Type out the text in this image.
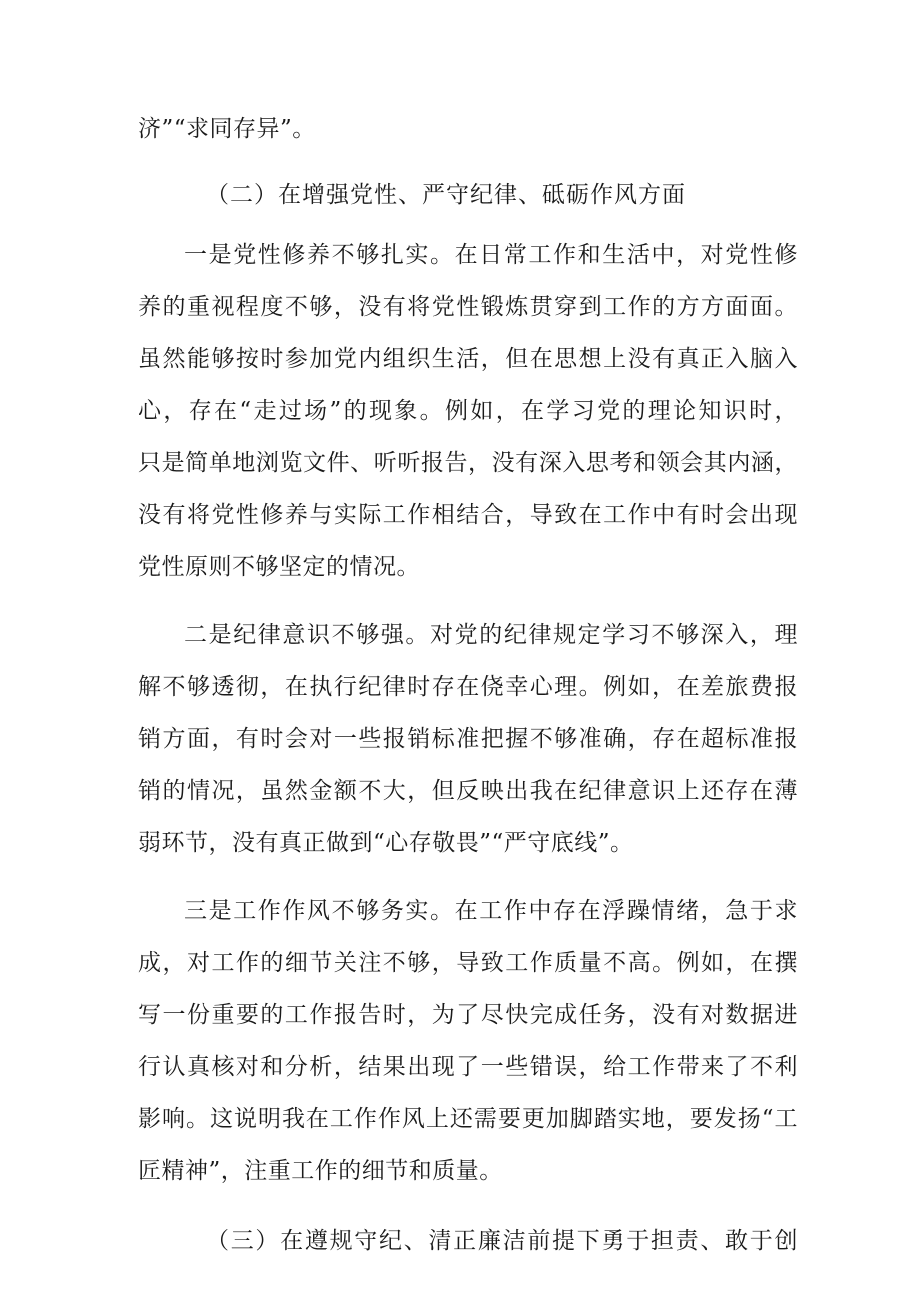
济”“求同存异”。
（二）在增强党性、严守纪律、砥砺作风方面
一是党性修养不够扎实。在日常工作和生活中，对党性修
养的重视程度不够，没有将党性锻炼贯穿到工作的方方面面。
虽然能够按时参加党内组织生活，但在思想上没有真正入脑入
心，存在“走过场”的现象。例如，在学习党的理论知识时，
只是简单地浏览文件、听听报告，没有深入思考和领会其内涵，
没有将党性修养与实际工作相结合，导致在工作中有时会出现
党性原则不够坚定的情况。
二是纪律意识不够强。对党的纪律规定学习不够深入，理
解不够透彻，在执行纪律时存在侥幸心理。例如，在差旅费报
销方面，有时会对一些报销标准把握不够准确，存在超标准报
销的情况，虽然金额不大，但反映出我在纪律意识上还存在薄
弱环节，没有真正做到“心存敬畏”“严守底线”。
三是工作作风不够务实。在工作中存在浮躁情绪，急于求
成，对工作的细节关注不够，导致工作质量不高。例如，在撰
写一份重要的工作报告时，为了尽快完成任务，没有对数据进
行认真核对和分析，结果出现了一些错误，给工作带来了不利
影响。这说明我在工作作风上还需要更加脚踏实地，要发扬“工
匠精神”，注重工作的细节和质量。
（三）在遵规守纪、清正廉洁前提下勇于担责、敢于创
